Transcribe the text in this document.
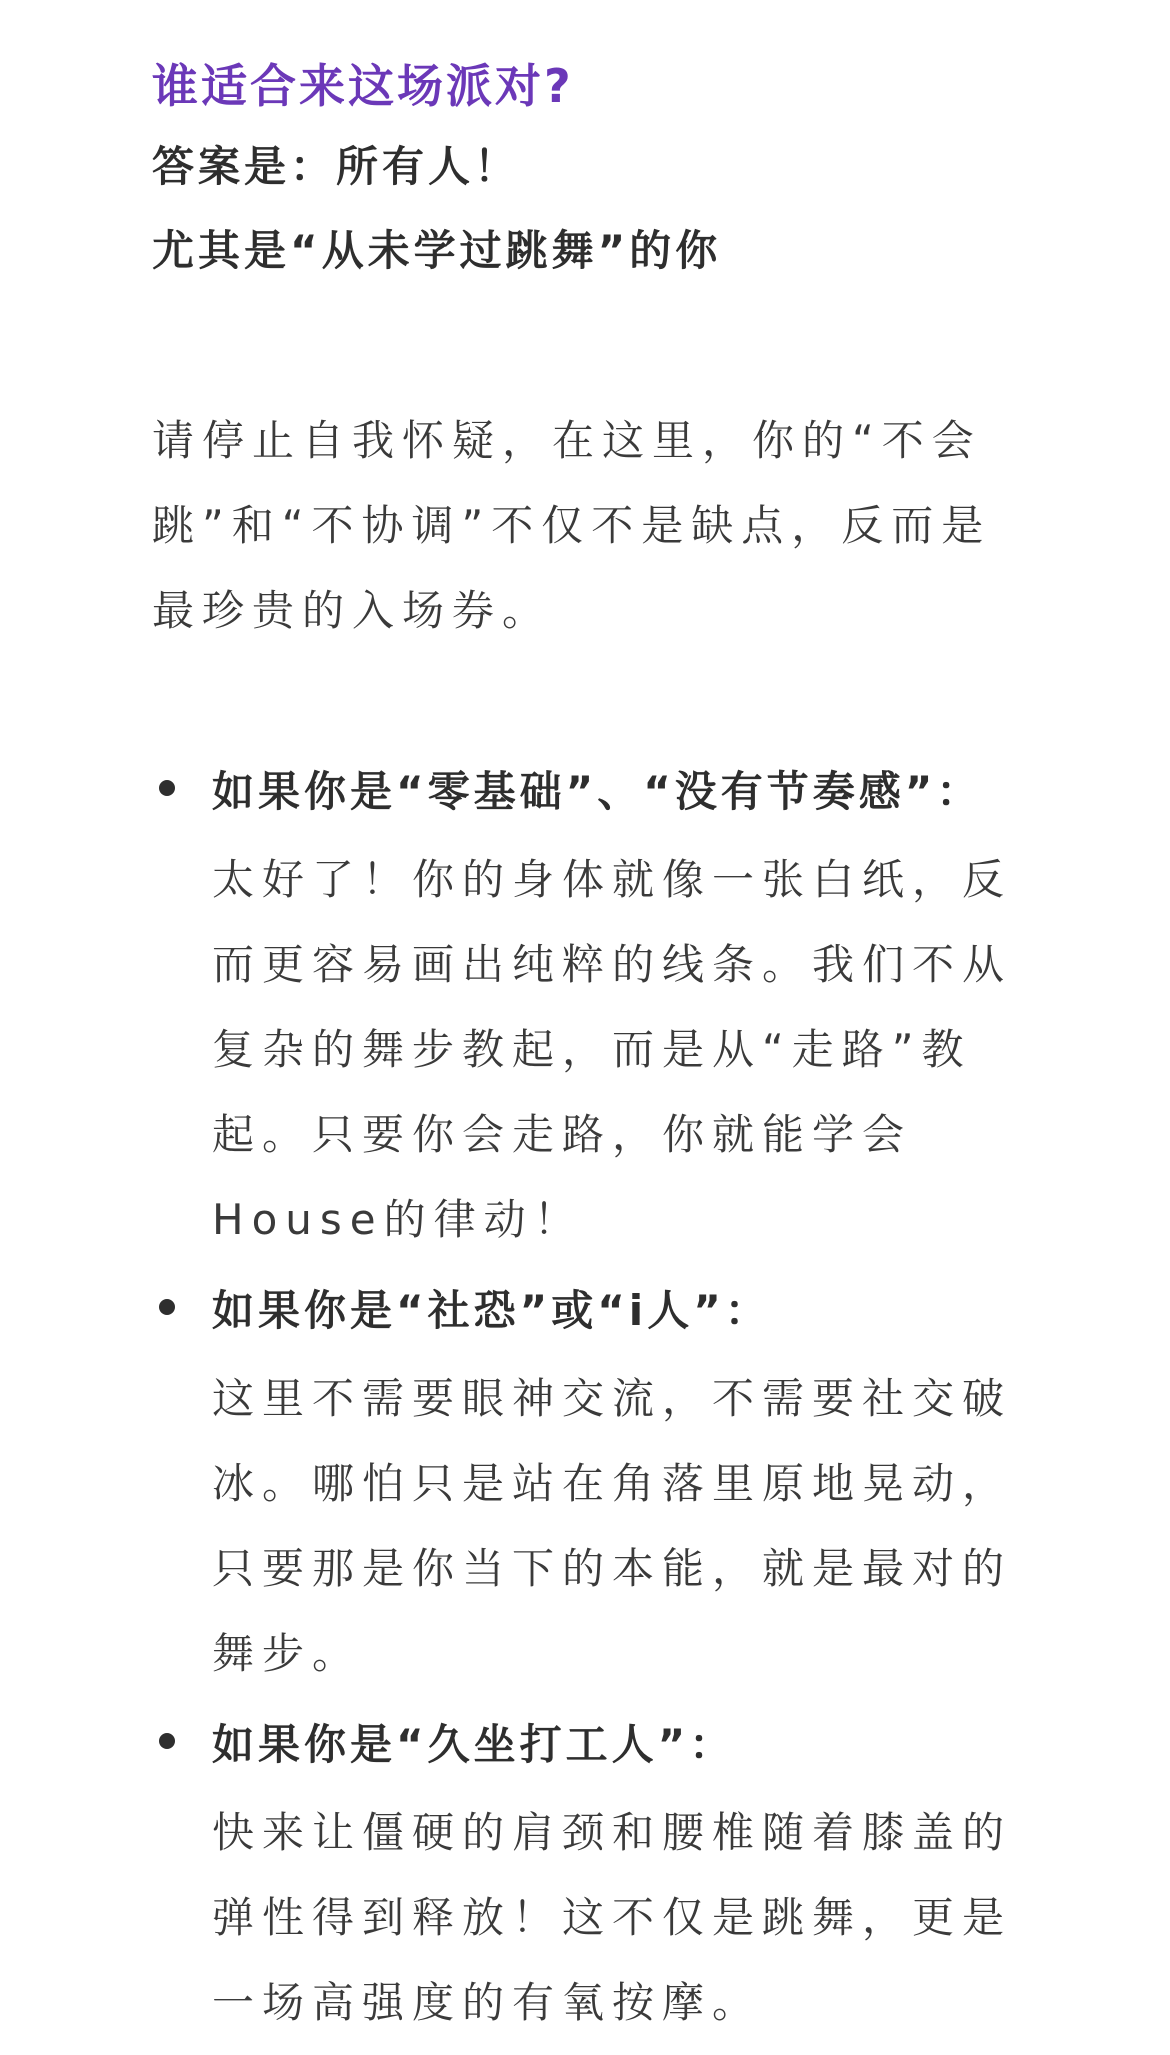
谁适合来这场派对?
答案是：所有人！
尤其是“从未学过跳舞”的你
请停止自我怀疑，在这里，你的“不会跳”和“不协调”不仅不是缺点，反而是最珍贵的入场券。
如果你是“零基础”、“没有节奏感”：
太好了！你的身体就像一张白纸，反而更容易画出纯粹的线条。我们不从复杂的舞步教起，而是从“走路”教起。只要你会走路，你就能学会House的律动！
如果你是“社恐”或“i人”：
这里不需要眼神交流，不需要社交破冰。哪怕只是站在角落里原地晃动，只要那是你当下的本能，就是最对的舞步。
如果你是“久坐打工人”：
快来让僵硬的肩颈和腰椎随着膝盖的弹性得到释放！这不仅是跳舞，更是一场高强度的有氧按摩。
